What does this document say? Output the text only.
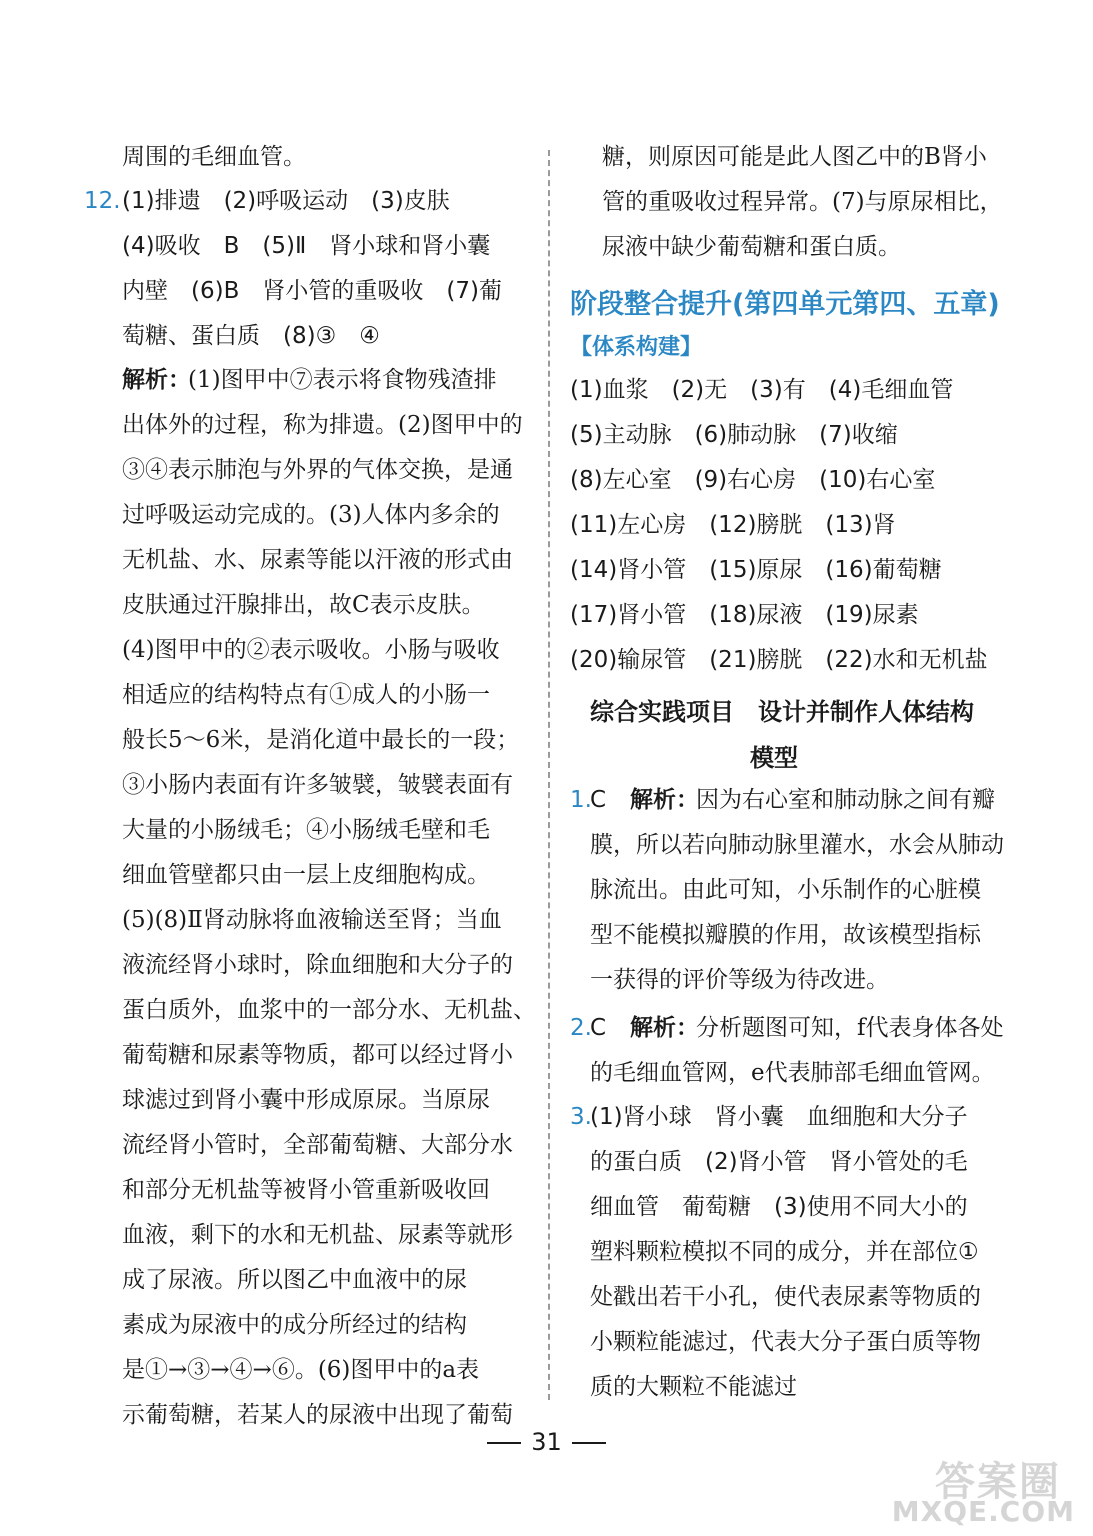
周围的毛细血管。
12. (1)排遗　(2)呼吸运动　(3)皮肤
(4)吸收　B　(5)Ⅱ　肾小球和肾小囊
内壁　(6)B　肾小管的重吸收　(7)葡
萄糖、蛋白质　(8)③　④
解析：
(1)图甲中⑦表示将食物残渣排
出体外的过程，称为排遗。(2)图甲中的
③④表示肺泡与外界的气体交换，是通
过呼吸运动完成的。(3)人体内多余的
无机盐、水、尿素等能以汗液的形式由
皮肤通过汗腺排出，故C表示皮肤。
(4)图甲中的②表示吸收。小肠与吸收
相适应的结构特点有①成人的小肠一
般长5～6米，是消化道中最长的一段；
③小肠内表面有许多皱襞，皱襞表面有
大量的小肠绒毛；④小肠绒毛壁和毛
细血管壁都只由一层上皮细胞构成。
(5)(8)Ⅱ肾动脉将血液输送至肾；当血
液流经肾小球时，除血细胞和大分子的
蛋白质外，血浆中的一部分水、无机盐、
葡萄糖和尿素等物质，都可以经过肾小
球滤过到肾小囊中形成原尿。当原尿
流经肾小管时，全部葡萄糖、大部分水
和部分无机盐等被肾小管重新吸收回
血液，剩下的水和无机盐、尿素等就形
成了尿液。所以图乙中血液中的尿
素成为尿液中的成分所经过的结构
是①→③→④→⑥。(6)图甲中的a表
示葡萄糖，若某人的尿液中出现了葡萄
糖，则原因可能是此人图乙中的B肾小
管的重吸收过程异常。(7)与原尿相比，
尿液中缺少葡萄糖和蛋白质。
阶段整合提升(第四单元第四、五章)
【体系构建】
(1)血浆　(2)无　(3)有　(4)毛细血管
(5)主动脉　(6)肺动脉　(7)收缩
(8)左心室　(9)右心房　(10)右心室
(11)左心房　(12)膀胱　(13)肾
(14)肾小管　(15)原尿　(16)葡萄糖
(17)肾小管　(18)尿液　(19)尿素
(20)输尿管　(21)膀胱　(22)水和无机盐
综合实践项目　设计并制作人体结构
模型
1.
C 解析：
因为右心室和肺动脉之间有瓣
膜，所以若向肺动脉里灌水，水会从肺动
脉流出。由此可知，小乐制作的心脏模
型不能模拟瓣膜的作用，故该模型指标
一获得的评价等级为待改进。
2.
C 解析：
分析题图可知，f代表身体各处
的毛细血管网，e代表肺部毛细血管网。
3.
(1)肾小球　肾小囊　血细胞和大分子
的蛋白质　(2)肾小管　肾小管处的毛
细血管　葡萄糖　(3)使用不同大小的
塑料颗粒模拟不同的成分，并在部位①
处戳出若干小孔，使代表尿素等物质的
小颗粒能滤过，代表大分子蛋白质等物
质的大颗粒不能滤过
31
答案圈
MXQE.COM
